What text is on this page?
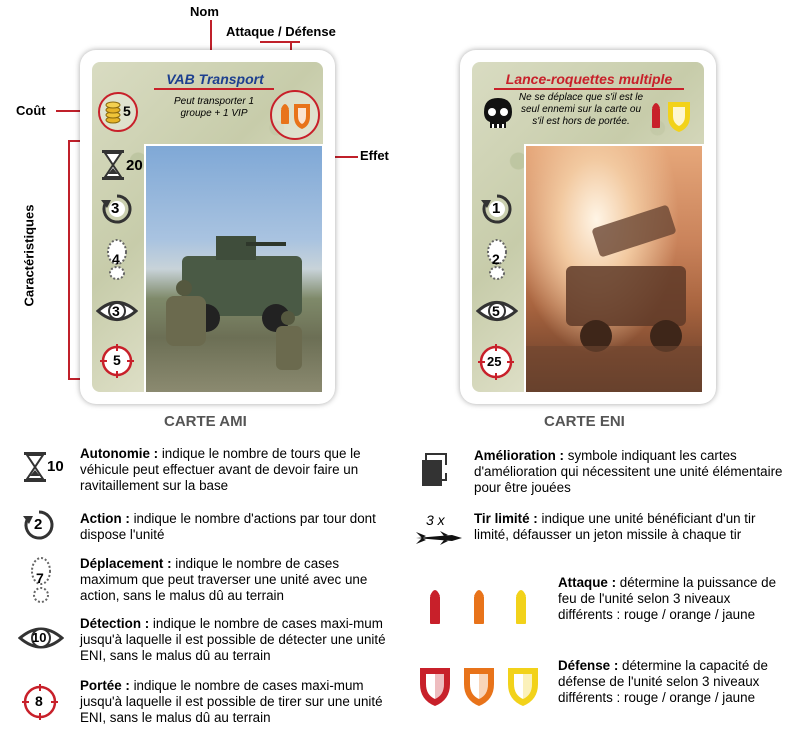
Nom
Attaque / Défense
Coût
Effet
Caractéristiques
VAB Transport
Peut transporter 1 groupe + 1 VIP
5
20
3
4
3
5
CARTE AMI
Lance-roquettes multiple
Ne se déplace que s'il est le seul ennemi sur la carte ou s'il est hors de portée.
1
2
5
25
CARTE ENI
10
Autonomie : indique le nombre de tours que le véhicule peut effectuer avant de devoir faire un ravitaillement sur la base
2	Action : indique le nombre d'actions par tour dont dispose l'unité
7
Déplacement : indique le nombre de cases maximum que peut traverser une unité avec une action, sans le malus dû au terrain
10
Détection : indique le nombre de cases maxi-mum jusqu'à laquelle il est possible de détecter une unité ENI, sans le malus dû au terrain
8
Portée : indique le nombre de cases maxi-mum jusqu'à laquelle il est possible de tirer sur une unité ENI, sans le malus dû au terrain
Amélioration : symbole indiquant les cartes d'amélioration qui nécessitent une unité élémentaire pour être jouées
3 x Tir limité : indique une unité bénéficiant d'un tir limité, défausser un jeton missile à chaque tir
Attaque : détermine la puissance de feu de l'unité selon 3 niveaux différents : rouge / orange / jaune
Défense : détermine la capacité de défense de l'unité selon 3 niveaux différents : rouge / orange / jaune
